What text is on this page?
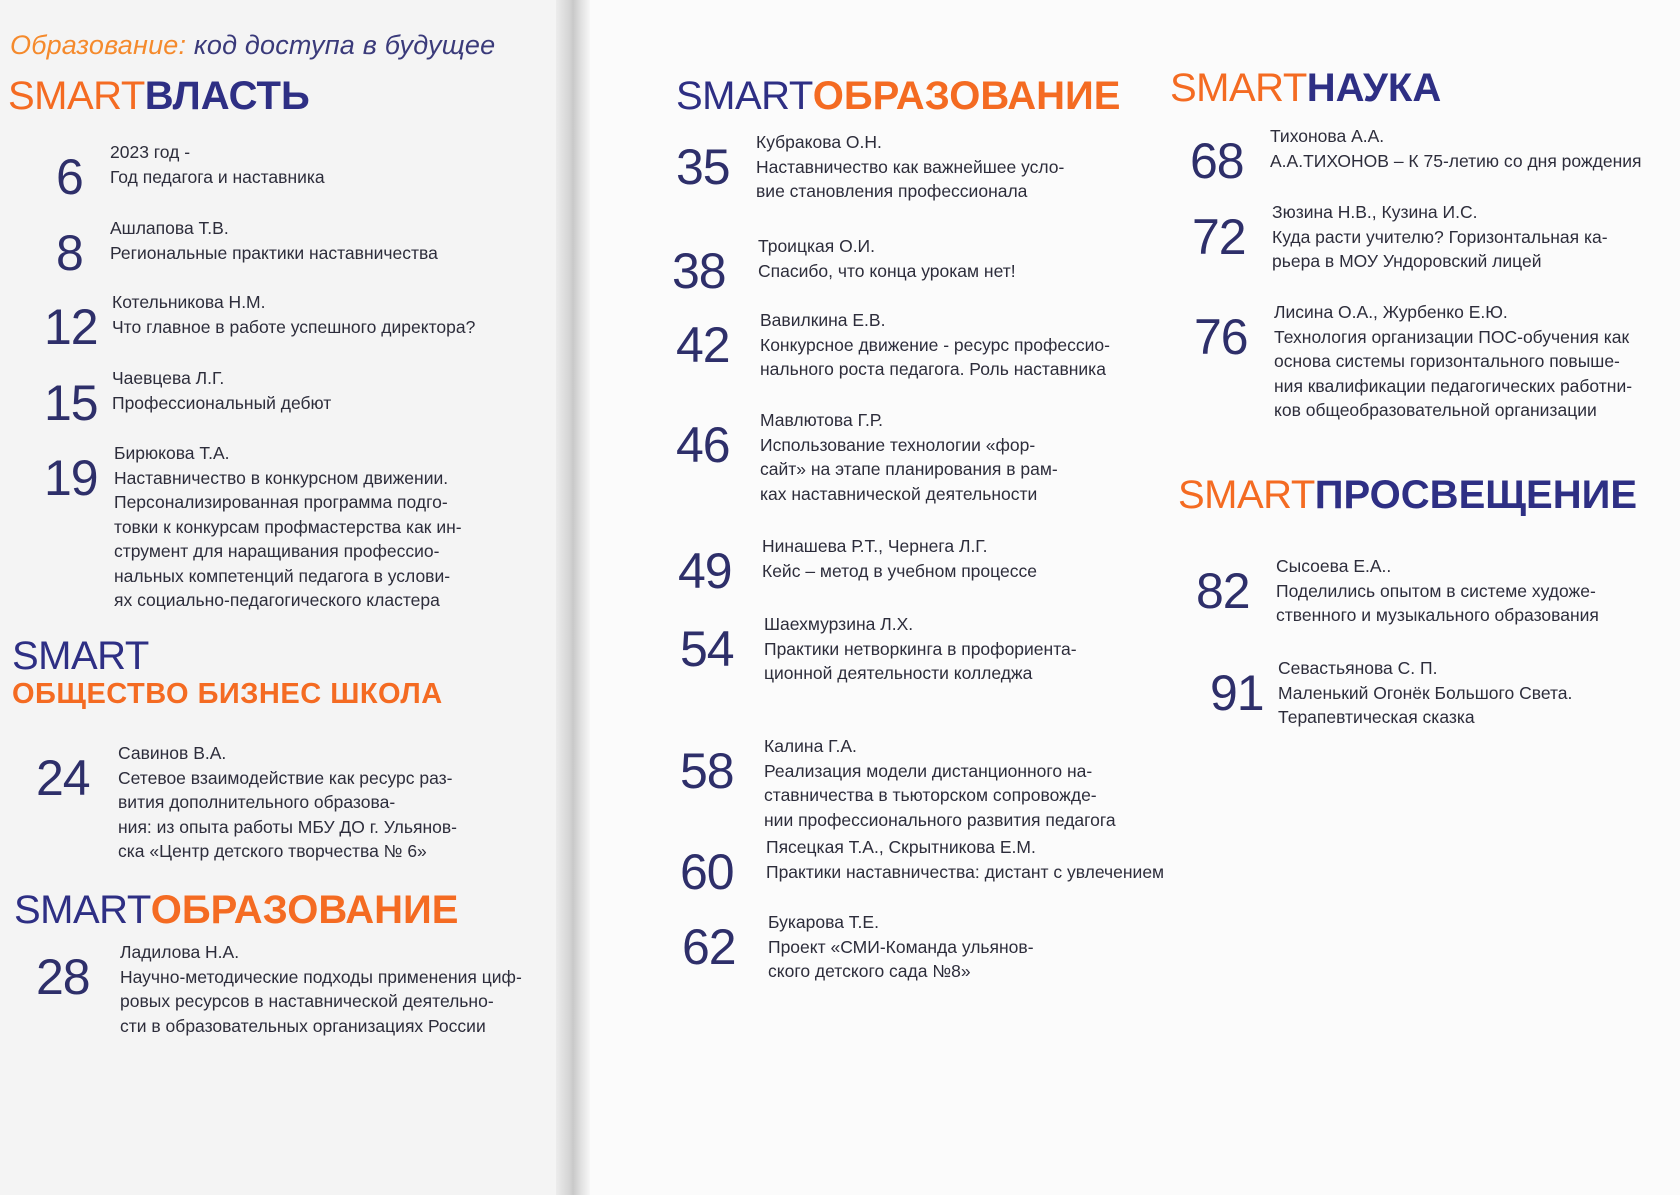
Образование: код доступа в будущее
SMARTВЛАСТЬ
SMART
ОБЩЕСТВО БИЗНЕС ШКОЛА
SMARTОБРАЗОВАНИЕ
SMARTОБРАЗОВАНИЕ SMARTНАУКА
SMARTПРОСВЕЩЕНИЕ
6 2023 год -
Год педагога и наставника
8 Ашлапова Т.В.
Региональные практики наставничества
12 Котельникова Н.М.
Что главное в работе успешного директора?
15 Чаевцева Л.Г.
Профессиональный дебют
19 Бирюкова Т.А.
Наставничество в конкурсном движении.
Персонализированная программа подго-
товки к конкурсам профмастерства как ин-
струмент для наращивания профессио-
нальных компетенций педагога в услови-
ях социально-педагогического кластера
24 Савинов В.А.
Сетевое взаимодействие как ресурс раз-
вития дополнительного образова-
ния: из опыта работы МБУ ДО г. Ульянов-
ска «Центр детского творчества № 6»
28 Ладилова Н.А.
Научно-методические подходы применения циф-
ровых ресурсов в наставнической деятельно-
сти в образовательных организациях России
35 Кубракова О.Н.
Наставничество как важнейшее усло-
вие становления профессионала
38 Троицкая О.И.
Спасибо, что конца урокам нет!
42 Вавилкина Е.В.
Конкурсное движение - ресурс профессио-
нального роста педагога. Роль наставника
46 Мавлютова Г.Р.
Использование технологии «фор-
сайт» на этапе планирования в рам-
ках наставнической деятельности
49 Нинашева Р.Т., Чернега Л.Г.
Кейс – метод в учебном процессе
54 Шаехмурзина Л.Х.
Практики нетворкинга в профориента-
ционной деятельности колледжа
58 Калина Г.А.
Реализация модели дистанционного на-
ставничества в тьюторском сопровожде-
нии профессионального развития педагога
60 Пясецкая Т.А., Скрытникова Е.М.
Практики наставничества: дистант с увлечением
62 Букарова Т.Е.
Проект «СМИ-Команда ульянов-
ского детского сада №8»
68 Тихонова А.А.
А.А.ТИХОНОВ – К 75-летию со дня рождения
72 Зюзина Н.В., Кузина И.С.
Куда расти учителю? Горизонтальная ка-
рьера в МОУ Ундоровский лицей
76 Лисина О.А., Журбенко Е.Ю.
Технология организации ПОС-обучения как
основа системы горизонтального повыше-
ния квалификации педагогических работни-
ков общеобразовательной организации
82 Сысоева Е.А..
Поделились опытом в системе художе-
ственного и музыкального образования
91 Севастьянова С. П.
Маленький Огонёк Большого Света.
Терапевтическая сказка
